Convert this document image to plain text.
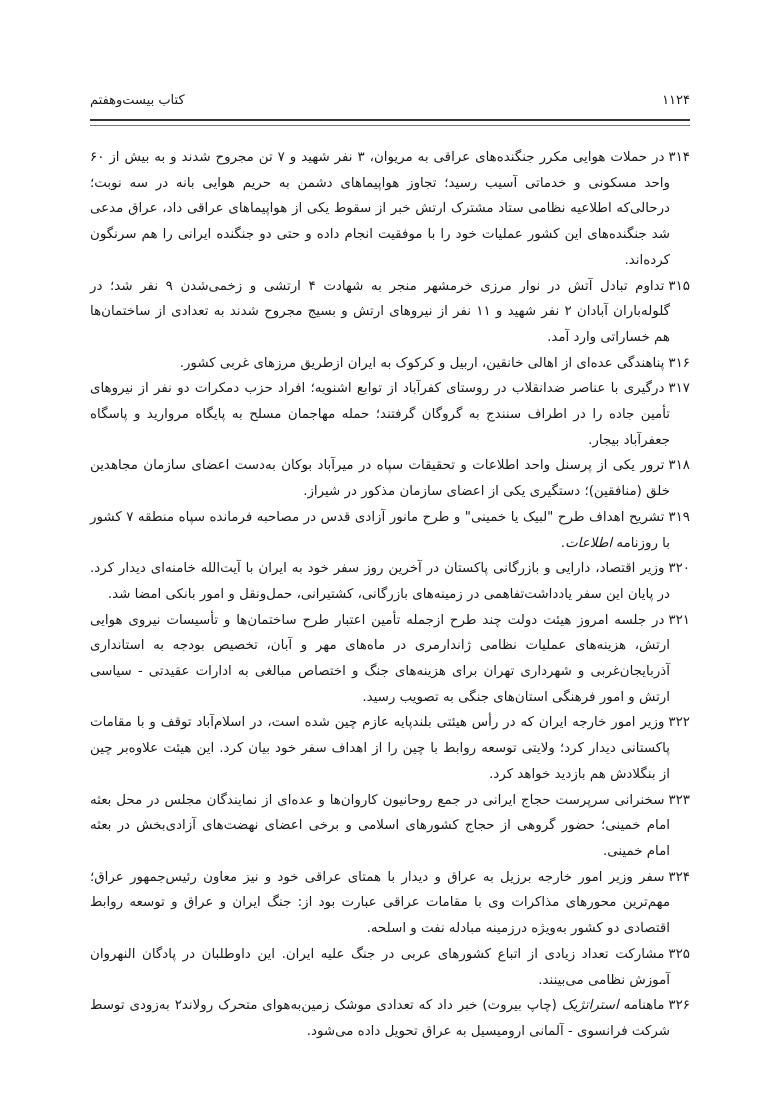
۱۱۲۴
کتاب بیست‌وهفتم

۳۱۴در حملات هوایی مکرر جنگنده‌های عراقی به مریوان، ۳ نفر شهید و ۷ تن مجروح شدند و به بیش از ۶۰ واحد مسکونی و خدماتی آسیب رسید؛ تجاوز هواپیماهای دشمن به حریم هوایی بانه در سه نوبت؛ درحالی‌که اطلاعیه نظامی ستاد مشترک ارتش خبر از سقوط یکی از هواپیماهای عراقی داد، عراق مدعی شد جنگنده‌های این کشور عملیات خود را با موفقیت انجام داده و حتی دو جنگنده ایرانی را هم سرنگون کرده‌اند.

۳۱۵تداوم تبادل آتش در نوار مرزی خرمشهر منجر به شهادت ۴ ارتشی و زخمی‌شدن ۹ نفر شد؛ در گلوله‌باران آبادان ۲ نفر شهید و ۱۱ نفر از نیروهای ارتش و بسیج مجروح شدند به تعدادی از ساختمان‌ها هم خساراتی وارد آمد.

۳۱۶پناهندگی عده‌ای از اهالی خانقین، اربیل و کرکوک به ایران ازطریق مرزهای غربی کشور.

۳۱۷درگیری با عناصر ضدانقلاب در روستای کفرآباد از توابع اشنویه؛ افراد حزب دمکرات دو نفر از نیروهای تأمین جاده را در اطراف سنندج به گروگان گرفتند؛ حمله مهاجمان مسلح به پایگاه مروارید و پاسگاه جعفرآباد بیجار.

۳۱۸ترور یکی از پرسنل واحد اطلاعات و تحقیقات سپاه در میرآباد بوکان به‌دست اعضای سازمان مجاهدین خلق (منافقین)؛ دستگیری یکی از اعضای سازمان مذکور در شیراز.

۳۱۹تشریح اهداف طرح "لبیک یا خمینی" و طرح مانور آزادی قدس در مصاحبه فرمانده سپاه منطقه ۷ کشور با روزنامه اطلاعات.

۳۲۰وزیر اقتصاد، دارایی و بازرگانی پاکستان در آخرین روز سفر خود به ایران با آیت‌الله خامنه‌ای دیدار کرد. در پایان این سفر یادداشت‌تفاهمی در زمینه‌های بازرگانی، کشتیرانی، حمل‌ونقل و امور بانکی امضا شد.

۳۲۱در جلسه امروز هیئت دولت چند طرح ازجمله تأمین اعتبار طرح ساختمان‌ها و تأسیسات نیروی هوایی ارتش، هزینه‌های عملیات نظامی ژاندارمری در ماه‌های مهر و آبان، تخصیص بودجه به استانداری آذربایجان‌غربی و شهرداری تهران برای هزینه‌های جنگ و اختصاص مبالغی به ادارات عقیدتی - سیاسی ارتش و امور فرهنگی استان‌های جنگی به تصویب رسید.

۳۲۲وزیر امور خارجه ایران که در رأس هیئتی بلندپایه عازم چین شده است، در اسلام‌آباد توقف و با مقامات پاکستانی دیدار کرد؛ ولایتی توسعه روابط با چین را از اهداف سفر خود بیان کرد. این هیئت علاوه‌بر چین از بنگلادش هم بازدید خواهد کرد.

۳۲۳سخنرانی سرپرست حجاج ایرانی در جمع روحانیون کاروان‌ها و عده‌ای از نمایندگان مجلس در محل بعثه امام خمینی؛ حضور گروهی از حجاج کشورهای اسلامی و برخی اعضای نهضت‌های آزادی‌بخش در بعثه امام خمینی.

۳۲۴سفر وزیر امور خارجه برزیل به عراق و دیدار با همتای عراقی خود و نیز معاون رئیس‌جمهور عراق؛ مهم‌ترین محورهای مذاکرات وی با مقامات عراقی عبارت بود از: جنگ ایران و عراق و توسعه روابط اقتصادی دو کشور به‌ویژه درزمینه مبادله نفت و اسلحه.

۳۲۵مشارکت تعداد زیادی از اتباع کشورهای عربی در جنگ علیه ایران. این داوطلبان در پادگان النهروان آموزش نظامی می‌بینند.

۳۲۶ماهنامه استراتژیک (چاپ بیروت) خبر داد که تعدادی موشک زمین‌به‌هوای متحرک رولاند۲ به‌زودی توسط شرکت فرانسوی - آلمانی ارومیسیل به عراق تحویل داده می‌شود.
